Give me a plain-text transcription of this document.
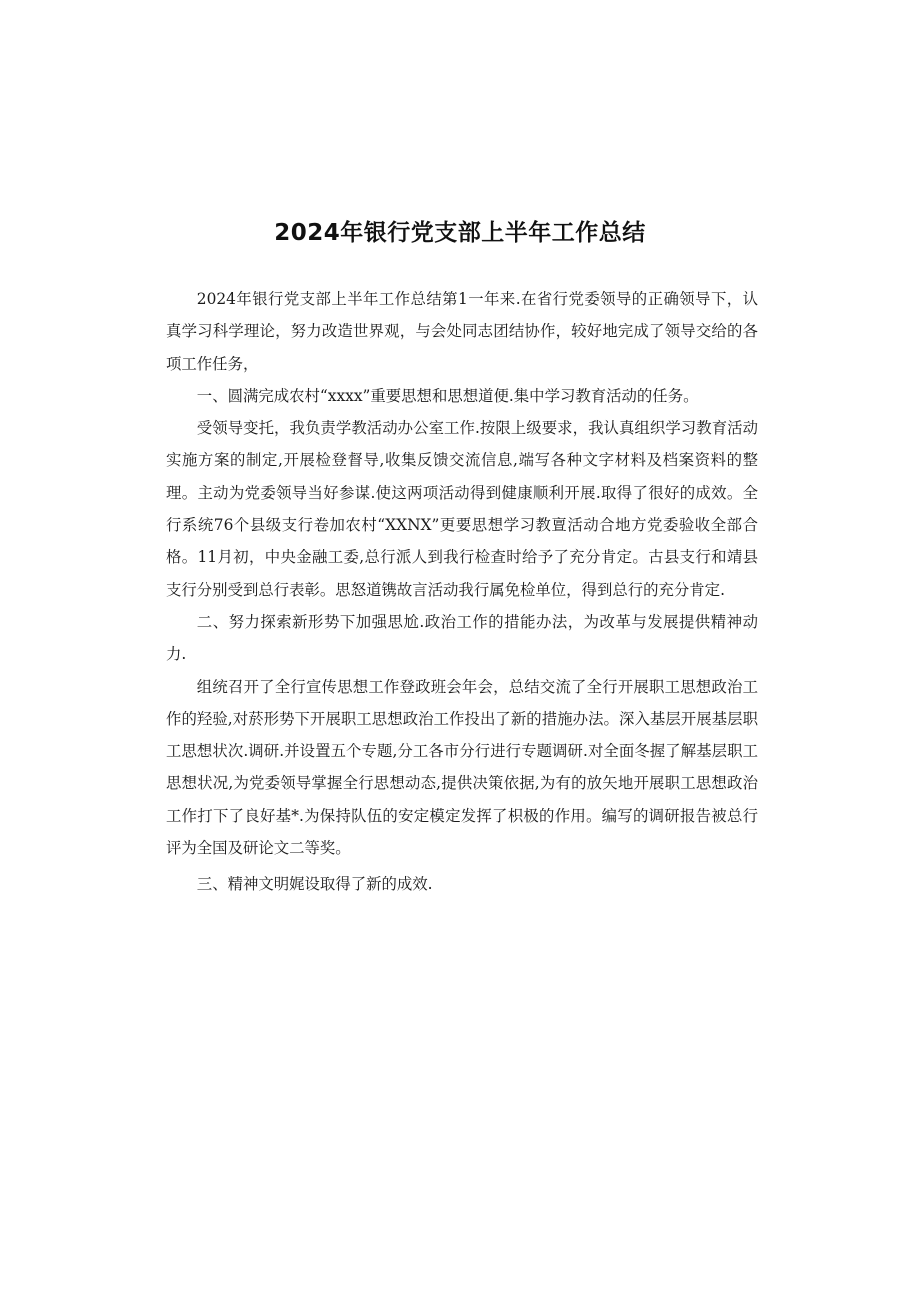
2024年银行党支部上半年工作总结

2024年银行党支部上半年工作总结第1一年来.在省行党委领导的正确领导下，认真学习科学理论，努力改造世界观，与会处同志团结协作，较好地完成了领导交给的各项工作任务，

一、圆满完成农村“xxxx”重要思想和思想道便.集中学习教育活动的任务。

受领导变托，我负责学教活动办公室工作.按限上级要求，我认真组织学习教育活动实施方案的制定,开展检登督导,收集反馈交流信息,端写各种文字材料及档案资料的整理。主动为党委领导当好参谋.使这两项活动得到健康顺利开展.取得了很好的成效。全行系统76个县级支行卷加农村“XXNX”更要思想学习教亶活动合地方党委验收全部合格。11月初，中央金融工委,总行派人到我行检查时给予了充分肯定。古县支行和靖县支行分别受到总行表彰。思怒道镌故言活动我行属免检单位，得到总行的充分肯定.

二、努力探索新形势下加强思尬.政治工作的措能办法，为改革与发展提供精神动力.

组统召开了全行宣传思想工作登政班会年会，总结交流了全行开展职工思想政治工作的羟验,对菸形势下开展职工思想政治工作投出了新的措施办法。深入基层开展基层职工思想状次.调研.并设置五个专题,分工各市分行进行专题调研.对全面冬握了解基层职工思想状况,为党委领导掌握全行思想动态,提供决策依据,为有的放矢地开展职工思想政治工作打下了良好基*.为保持队伍的安定模定发挥了枳极的作用。编写的调研报告被总行评为全国及研论文二等奖。

三、精神文明娓设取得了新的成效.
